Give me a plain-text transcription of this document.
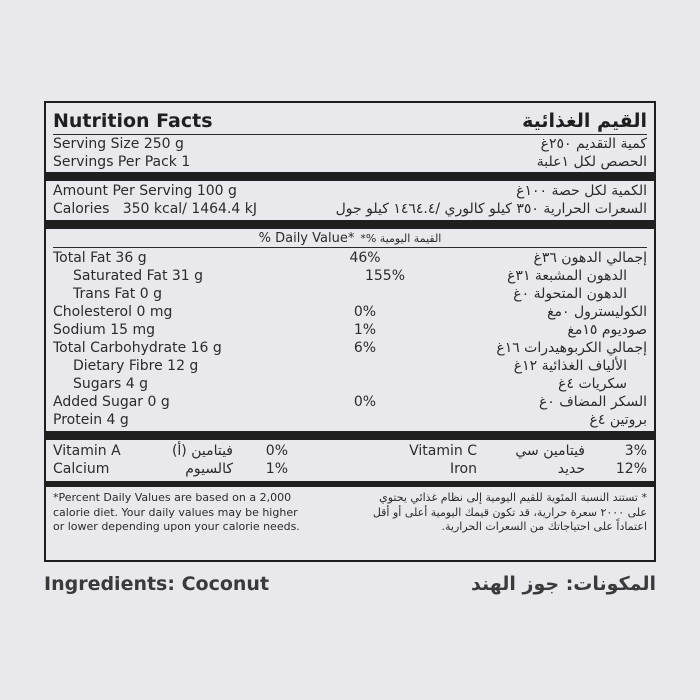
Nutrition Facts	القيم الغذائية
Serving Size 250 g	كمية التقديم ٢٥٠غ
Servings Per Pack 1	الحصص لكل ١علبة
Amount Per Serving 100 g	الكمية لكل حصة ١٠٠غ
Calories   350 kcal/ 1464.4 kJ	السعرات الحرارية ٣٥٠ كيلو كالوري /١٤٦٤.٤ كيلو جول
% Daily Value* القيمة اليومية %*
Total Fat 36 g	46%	إجمالي الدهون ٣٦غ
Saturated Fat 31 g	155%	الدهون المشبعة ٣١غ
Trans Fat 0 g	الدهون المتحولة ٠غ
Cholesterol 0 mg	0%	الكوليسترول ٠مغ
Sodium 15 mg	1%	صوديوم ١٥مغ
Total Carbohydrate 16 g	6%	إجمالي الكربوهيدرات ١٦غ
Dietary Fibre 12 g	الألياف الغذائية ١٢غ
Sugars 4 g	سكريات ٤غ
Added Sugar 0 g	0%	السكر المضاف ٠غ
Protein 4 g	بروتين ٤غ
Vitamin A	فيتامين (أ)	0%	Vitamin C	فيتامين سي	3%
Calcium	كالسيوم	1%	Iron	حديد	12%
*Percent Daily Values are based on a 2,000 calorie diet. Your daily values may be higher or lower depending upon your calorie needs.
* تستند النسبة المئوية للقيم اليومية إلى نظام غذائي يحتوي على ٢٠٠٠ سعرة حرارية، قد تكون قيمك اليومية أعلى أو أقل اعتماداً على احتياجاتك من السعرات الحرارية.
Ingredients: Coconut	المكونات: جوز الهند
